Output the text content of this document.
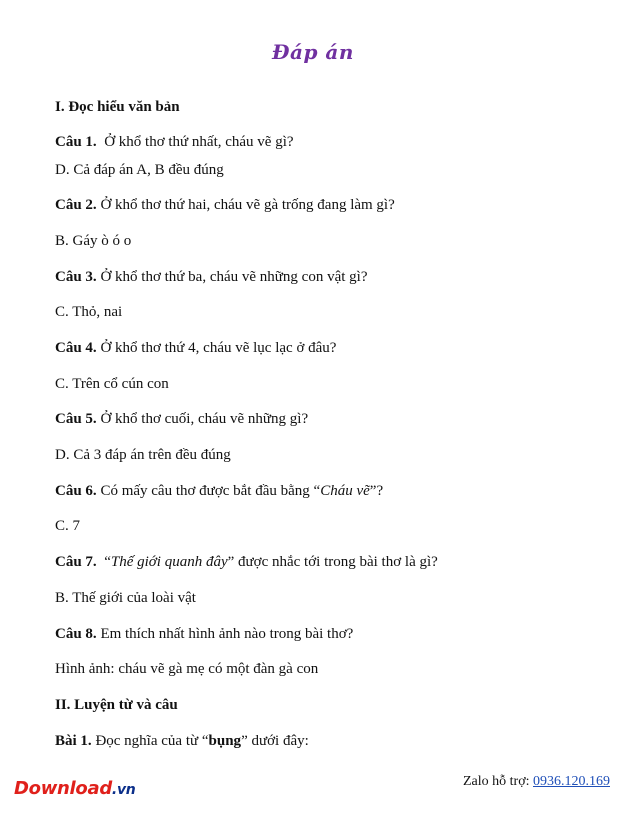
Đáp án
I. Đọc hiểu văn bản
Câu 1. Ở khổ thơ thứ nhất, cháu vẽ gì?
D. Cả đáp án A, B đều đúng
Câu 2. Ở khổ thơ thứ hai, cháu vẽ gà trống đang làm gì?
B. Gáy ò ó o
Câu 3. Ở khổ thơ thứ ba, cháu vẽ những con vật gì?
C. Thỏ, nai
Câu 4. Ở khổ thơ thứ 4, cháu vẽ lục lạc ở đâu?
C. Trên cổ cún con
Câu 5. Ở khổ thơ cuối, cháu vẽ những gì?
D. Cả 3 đáp án trên đều đúng
Câu 6. Có mấy câu thơ được bắt đầu bằng “Cháu vẽ”?
C. 7
Câu 7. “Thế giới quanh đây” được nhắc tới trong bài thơ là gì?
B. Thế giới của loài vật
Câu 8. Em thích nhất hình ảnh nào trong bài thơ?
Hình ảnh: cháu vẽ gà mẹ có một đàn gà con
II. Luyện từ và câu
Bài 1. Đọc nghĩa của từ “bụng” dưới đây:
Download.vn
Zalo hỗ trợ: 0936.120.169
